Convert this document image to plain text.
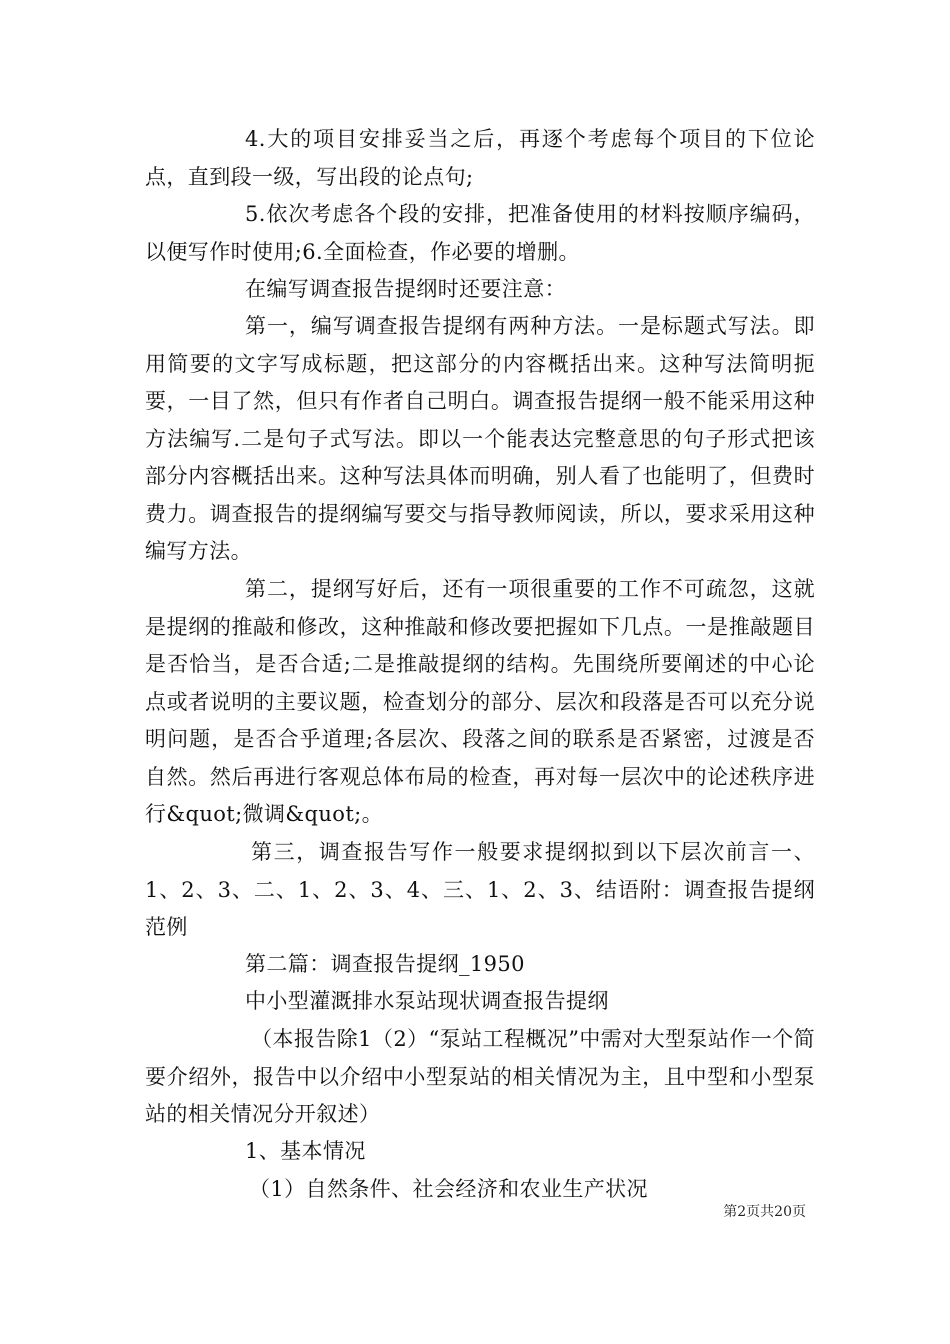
4.大的项目安排妥当之后，再逐个考虑每个项目的下位论点，直到段一级，写出段的论点句;

5.依次考虑各个段的安排，把准备使用的材料按顺序编码，以便写作时使用;6.全面检查，作必要的增删。

在编写调查报告提纲时还要注意：

第一，编写调查报告提纲有两种方法。一是标题式写法。即用简要的文字写成标题，把这部分的内容概括出来。这种写法简明扼要，一目了然，但只有作者自己明白。调查报告提纲一般不能采用这种方法编写.二是句子式写法。即以一个能表达完整意思的句子形式把该部分内容概括出来。这种写法具体而明确，别人看了也能明了，但费时费力。调查报告的提纲编写要交与指导教师阅读，所以，要求采用这种编写方法。

第二，提纲写好后，还有一项很重要的工作不可疏忽，这就是提纲的推敲和修改，这种推敲和修改要把握如下几点。一是推敲题目是否恰当，是否合适;二是推敲提纲的结构。先围绕所要阐述的中心论点或者说明的主要议题，检查划分的部分、层次和段落是否可以充分说明问题，是否合乎道理;各层次、段落之间的联系是否紧密，过渡是否自然。然后再进行客观总体布局的检查，再对每一层次中的论述秩序进行&quot;微调&quot;。

第三，调查报告写作一般要求提纲拟到以下层次前言一、1、2、3、二、1、2、3、4、三、1、2、3、结语附：调查报告提纲范例

第二篇：调查报告提纲_1950

中小型灌溉排水泵站现状调查报告提纲

（本报告除1（2）“泵站工程概况”中需对大型泵站作一个简要介绍外，报告中以介绍中小型泵站的相关情况为主，且中型和小型泵站的相关情况分开叙述）

1、基本情况

（1）自然条件、社会经济和农业生产状况

第2页共20页
